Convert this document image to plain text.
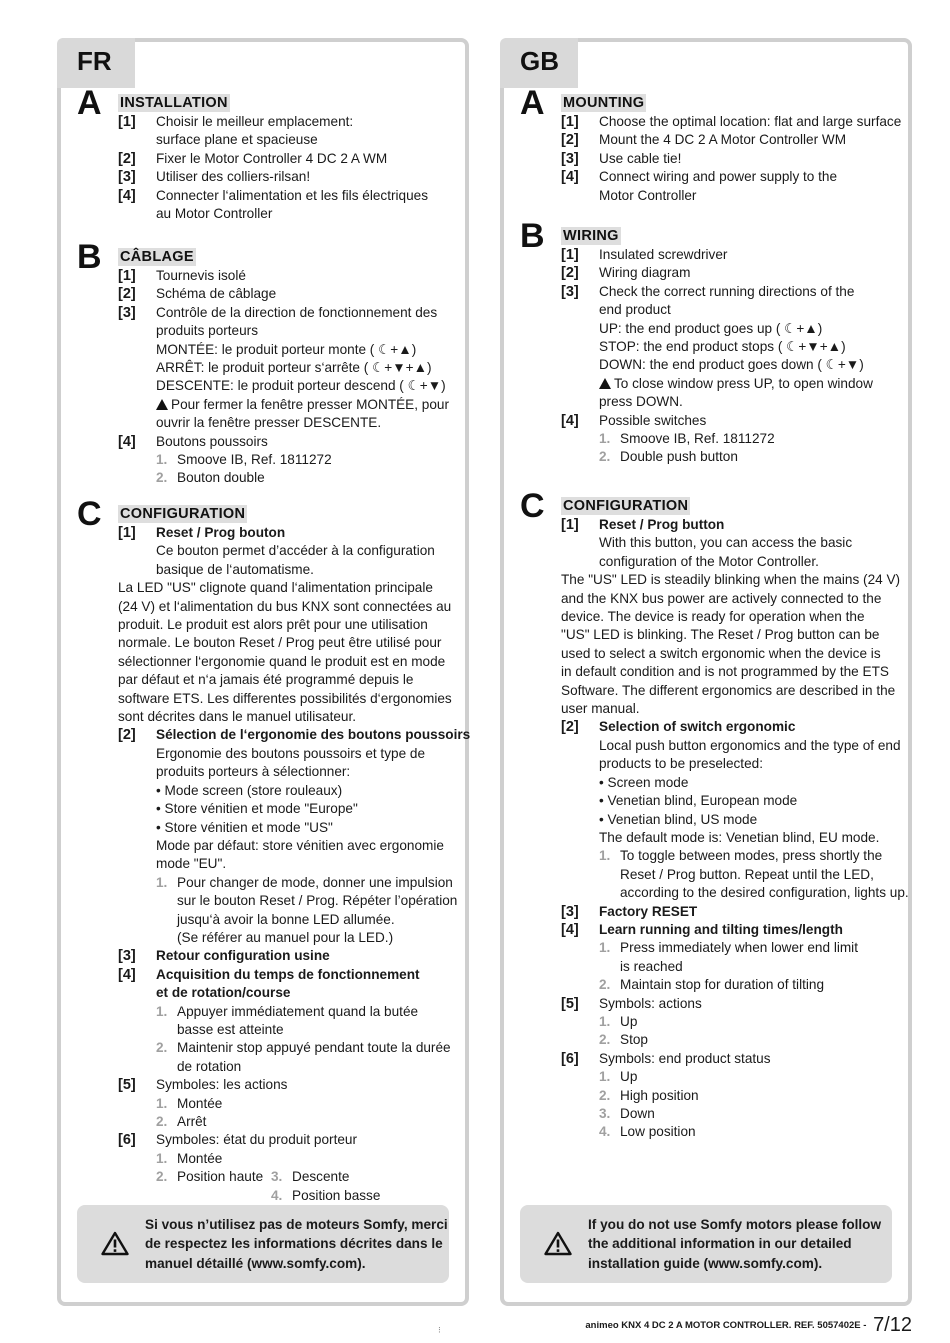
FR
A INSTALLATION
[1]	Choisir le meilleur emplacement:
surface plane et spacieuse
[2]	Fixer le Motor Controller 4 DC 2 A WM
[3]	Utiliser des colliers-rilsan!
[4]	Connecter l‘alimentation et les fils électriques
au Motor Controller
B CÂBLAGE
[1]	Tournevis isolé
[2]	Schéma de câblage
[3]	Contrôle de la direction de fonctionnement des
produits porteurs
MONTÉE: le produit porteur monte ( ☾+▲)
ARRÊT: le produit porteur s‘arrête ( ☾+▼+▲)
DESCENTE: le produit porteur descend ( ☾+▼)
Pour fermer la fenêtre presser MONTÉE, pour
ouvrir la fenêtre presser DESCENTE.
[4]	Boutons poussoirs
1. Smoove IB, Ref. 1811272
2. Bouton double
C CONFIGURATION
[1]	Reset / Prog bouton
Ce bouton permet d’accéder à la configuration
basique de l‘automatisme.
La LED "US" clignote quand l‘alimentation principale
(24 V) et l‘alimentation du bus KNX sont connectées au
produit. Le produit est alors prêt pour une utilisation
normale. Le bouton Reset / Prog peut être utilisé pour
sélectionner l‘ergonomie quand le produit est en mode
par défaut et n‘a jamais été programmé depuis le
software ETS. Les differentes possibilités d‘ergonomies
sont décrites dans le manuel utilisateur.
[2]	Sélection de l‘ergonomie des boutons poussoirs
Ergonomie des boutons poussoirs et type de
produits porteurs à sélectionner:
• Mode screen (store rouleaux)
• Store vénitien et mode "Europe"
• Store vénitien et mode "US"
Mode par défaut: store vénitien avec ergonomie
mode "EU".
1. Pour changer de mode, donner une impulsion
sur le bouton Reset / Prog. Répéter l’opération
jusqu‘à avoir la bonne LED allumée.
(Se référer au manuel pour la LED.)
[3]	Retour configuration usine
[4]	Acquisition du temps de fonctionnement
et de rotation/course
1. Appuyer immédiatement quand la butée
basse est atteinte
2. Maintenir stop appuyé pendant toute la durée
de rotation
[5]	Symboles: les actions
1. Montée
2. Arrêt
[6]	Symboles: état du produit porteur
1. Montée
3. Descente
2. Position haute
4. Position basse
Si vous n’utilisez pas de moteurs Somfy, merci
de respectez les informations décrites dans le
manuel détaillé (www.somfy.com).
GB
A MOUNTING
[1]	Choose the optimal location: flat and large surface
[2]	Mount the 4 DC 2 A Motor Controller WM
[3]	Use cable tie!
[4]	Connect wiring and power supply to the
Motor Controller
B WIRING
[1]	Insulated screwdriver
[2]	Wiring diagram
[3]	Check the correct running directions of the
end product
UP: the end product goes up ( ☾+▲)
STOP: the end product stops ( ☾+▼+▲)
DOWN: the end product goes down ( ☾+▼)
To close window press UP, to open window
press DOWN.
[4]	Possible switches
1. Smoove IB, Ref. 1811272
2. Double push button
C CONFIGURATION
[1]	Reset / Prog button
With this button, you can access the basic
configuration of the Motor Controller.
The "US" LED is steadily blinking when the mains (24 V)
and the KNX bus power are actively connected to the
device. The device is ready for operation when the
"US" LED is blinking. The Reset / Prog button can be
used to select a switch ergonomic when the device is
in default condition and is not programmed by the ETS
Software. The different ergonomics are described in the
user manual.
[2]	Selection of switch ergonomic
Local push button ergonomics and the type of end
products to be preselected:
• Screen mode
• Venetian blind, European mode
• Venetian blind, US mode
The default mode is: Venetian blind, EU mode.
1. To toggle between modes, press shortly the
Reset / Prog button. Repeat until the LED,
according to the desired configuration, lights up.
[3]	Factory RESET
[4]	Learn running and tilting times/length
1. Press immediately when lower end limit
is reached
2. Maintain stop for duration of tilting
[5]	Symbols: actions
1. Up
2. Stop
[6]	Symbols: end product status
1. Up
2. High position
3. Down
4. Low position
If you do not use Somfy motors please follow
the additional information in our detailed
installation guide (www.somfy.com).
animeo KNX 4 DC 2 A MOTOR CONTROLLER. REF. 5057402E - 7/12
⁝
